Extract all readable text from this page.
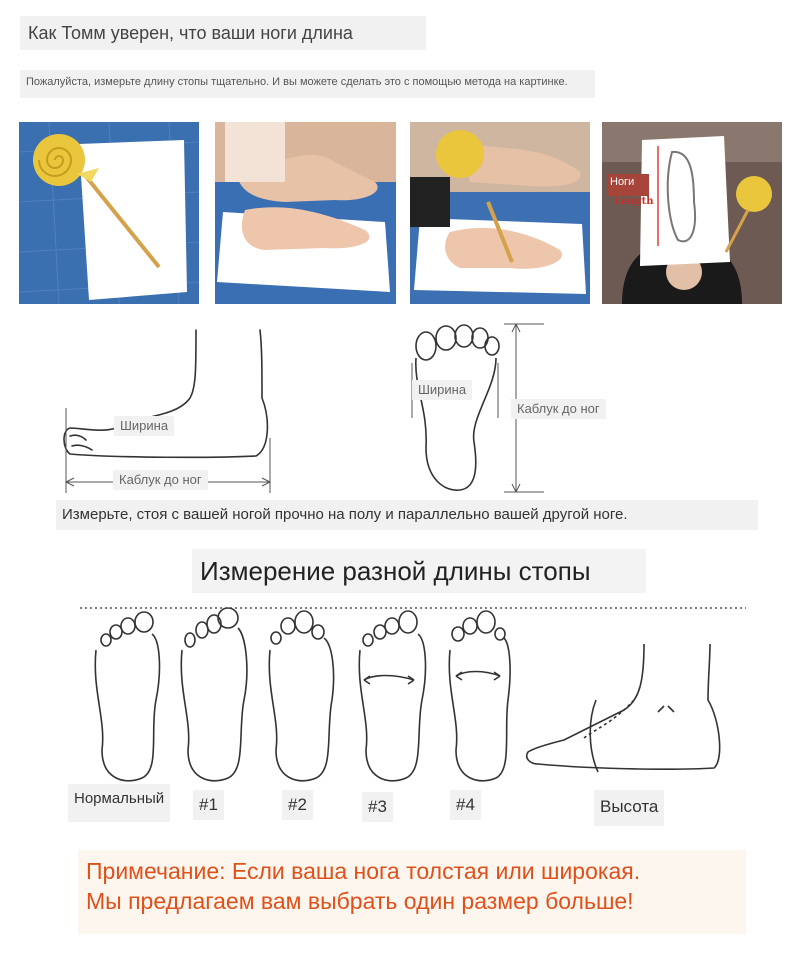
Как Томм уверен, что ваши ноги длина
Пожалуйста, измерьте длину стопы тщательно. И вы можете сделать это с помощью метода на картинке.
Ноги
Length
Ширина
Каблук до ног
Ширина
Каблук до ног
Измерьте, стоя с вашей ногой прочно на полу и параллельно вашей другой ноге.
Измерение разной длины стопы
Нормальный	#1	#2	#3	#4	Высота
Примечание: Если ваша нога толстая или широкая.
Мы предлагаем вам выбрать один размер больше!
